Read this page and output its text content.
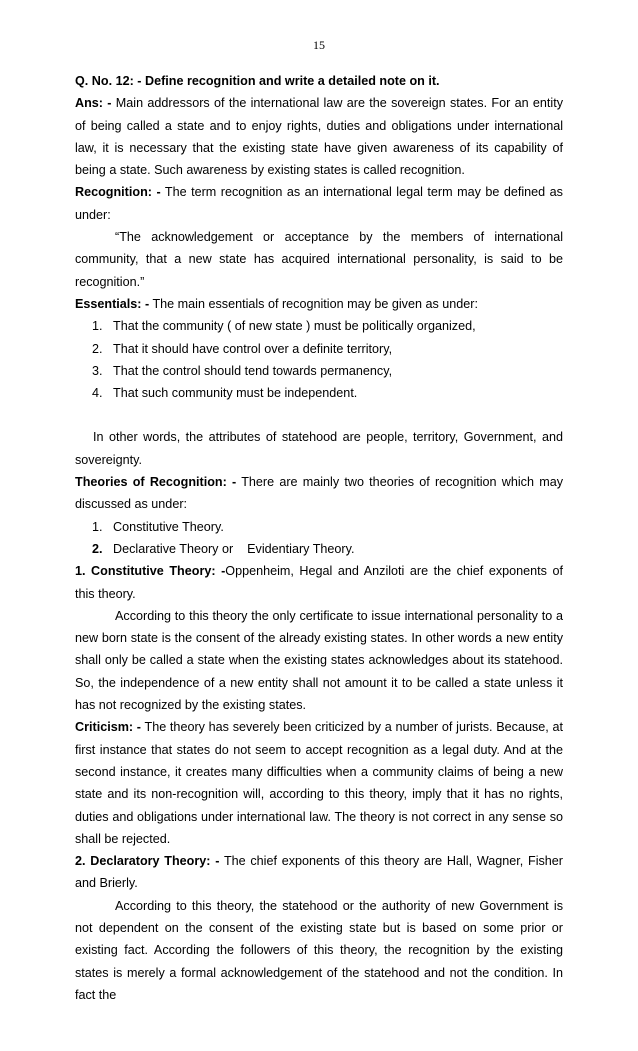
15

Q. No. 12: - Define recognition and write a detailed note on it.

Ans: - Main addressors of the international law are the sovereign states. For an entity of being called a state and to enjoy rights, duties and obligations under international law, it is necessary that the existing state have given awareness of its capability of being a state. Such awareness by existing states is called recognition.

Recognition: - The term recognition as an international legal term may be defined as under:

“The acknowledgement or acceptance by the members of international community, that a new state has acquired international personality, is said to be recognition.”

Essentials: - The main essentials of recognition may be given as under:

1. That the community ( of new state ) must be politically organized,
2. That it should have control over a definite territory,
3. That the control should tend towards permanency,
4. That such community must be independent.

In other words, the attributes of statehood are people, territory, Government, and sovereignty.

Theories of Recognition: - There are mainly two theories of recognition which may discussed as under:

1. Constitutive Theory.
2. Declarative Theory or    Evidentiary Theory.

1. Constitutive Theory: -Oppenheim, Hegal and Anziloti are the chief exponents of this theory.

According to this theory the only certificate to issue international personality to a new born state is the consent of the already existing states. In other words a new entity shall only be called a state when the existing states acknowledges about its statehood. So, the independence of a new entity shall not amount it to be called a state unless it has not recognized by the existing states.

Criticism: - The theory has severely been criticized by a number of jurists. Because, at first instance that states do not seem to accept recognition as a legal duty. And at the second instance, it creates many difficulties when a community claims of being a new state and its non-recognition will, according to this theory, imply that it has no rights, duties and obligations under international law. The theory is not correct in any sense so shall be rejected.

2. Declaratory Theory: - The chief exponents of this theory are Hall, Wagner, Fisher and Brierly.

According to this theory, the statehood or the authority of new Government is not dependent on the consent of the existing state but is based on some prior or existing fact. According the followers of this theory, the recognition by the existing states is merely a formal acknowledgement of the statehood and not the condition. In fact the
